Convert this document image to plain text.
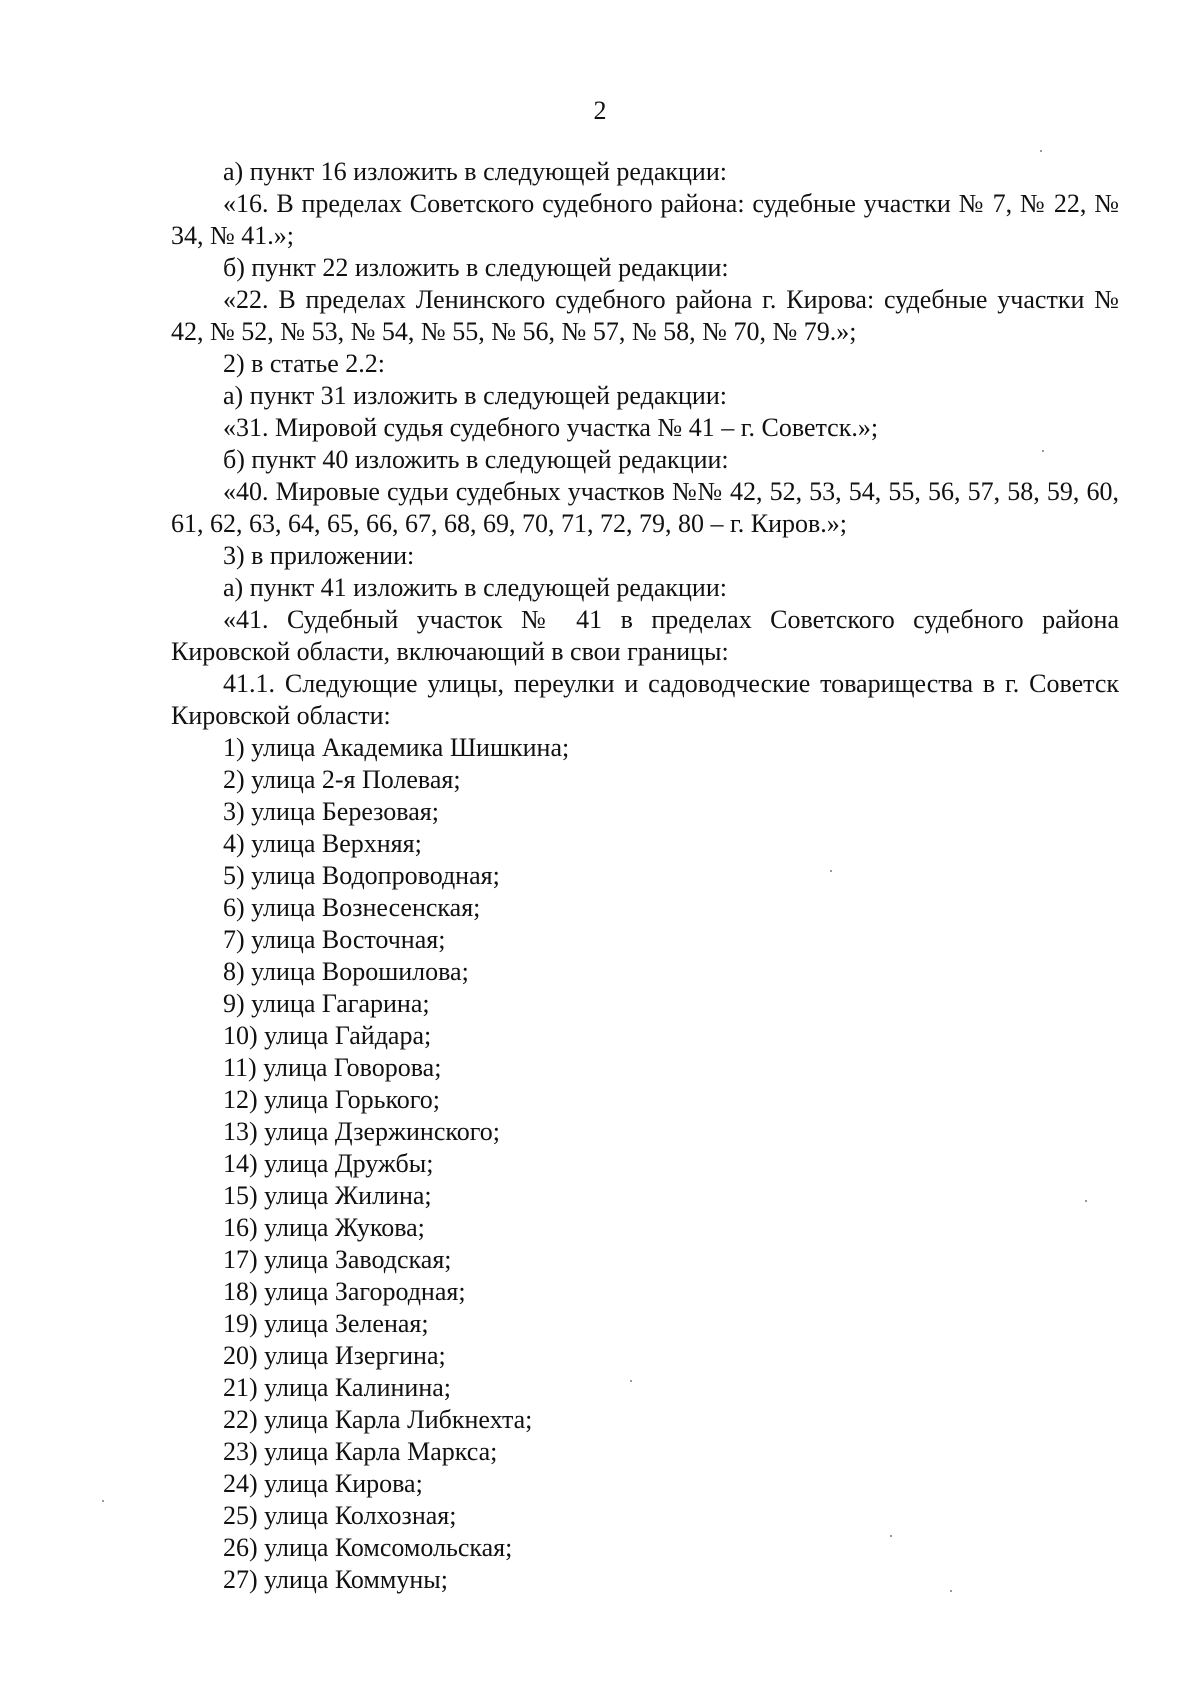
2

а) пункт 16 изложить в следующей редакции:

«16. В пределах Советского судебного района: судебные участки № 7, № 22, № 34, № 41.»;

б) пункт 22 изложить в следующей редакции:

«22. В пределах Ленинского судебного района г. Кирова: судебные участки № 42, № 52, № 53, № 54, № 55, № 56, № 57, № 58, № 70, № 79.»;

2) в статье 2.2:

а) пункт 31 изложить в следующей редакции:

«31. Мировой судья судебного участка № 41 – г. Советск.»;

б) пункт 40 изложить в следующей редакции:

«40. Мировые судьи судебных участков №№ 42, 52, 53, 54, 55, 56, 57, 58, 59, 60, 61, 62, 63, 64, 65, 66, 67, 68, 69, 70, 71, 72, 79, 80 – г. Киров.»;

3) в приложении:

а) пункт 41 изложить в следующей редакции:

«41. Судебный участок № 41 в пределах Советского судебного района Кировской области, включающий в свои границы:

41.1. Следующие улицы, переулки и садоводческие товарищества в г. Советск Кировской области:

1) улица Академика Шишкина;
2) улица 2-я Полевая;
3) улица Березовая;
4) улица Верхняя;
5) улица Водопроводная;
6) улица Вознесенская;
7) улица Восточная;
8) улица Ворошилова;
9) улица Гагарина;
10) улица Гайдара;
11) улица Говорова;
12) улица Горького;
13) улица Дзержинского;
14) улица Дружбы;
15) улица Жилина;
16) улица Жукова;
17) улица Заводская;
18) улица Загородная;
19) улица Зеленая;
20) улица Изергина;
21) улица Калинина;
22) улица Карла Либкнехта;
23) улица Карла Маркса;
24) улица Кирова;
25) улица Колхозная;
26) улица Комсомольская;
27) улица Коммуны;
